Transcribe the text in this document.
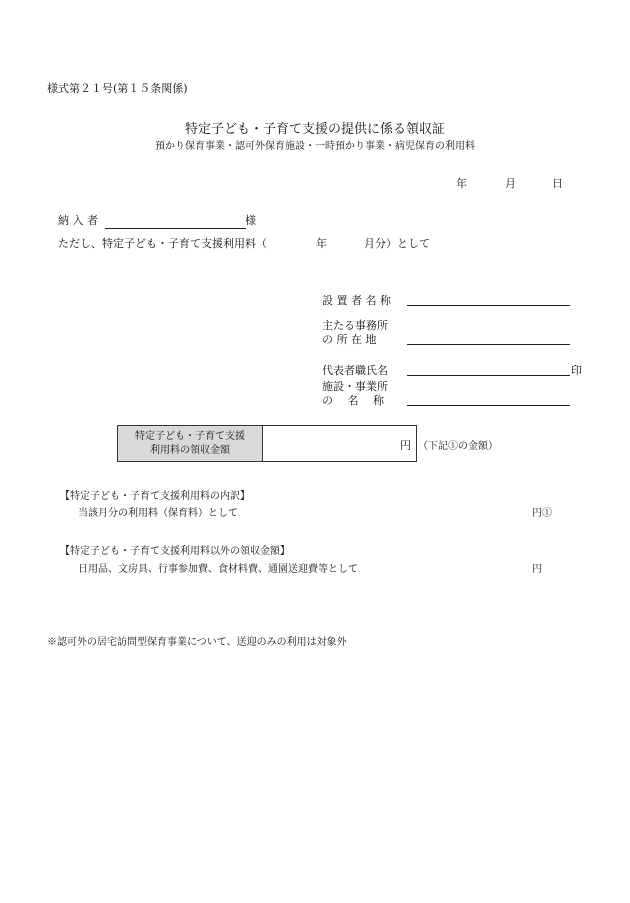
様式第２１号(第１５条関係)
特定子ども・子育て支援の提供に係る領収証
預かり保育事業・認可外保育施設・一時預かり事業・病児保育の利用料
年	月	日
納 入 者	様
ただし、特定子ども・子育て支援利用料（	年	月分）として
設 置 者 名 称
主たる事務所
の 所 在 地
代表者職氏名	印
施設・事業所
の　 名 　称
特定子ども・子育て支援
利用料の領収金額	円 （下記①の金額）
【特定子ども・子育て支援利用料の内訳】
当該月分の利用料（保育料）として	円①
【特定子ども・子育て支援利用料以外の領収金額】
日用品、文房具、行事参加費、食材料費、通園送迎費等として	円
※認可外の居宅訪問型保育事業について、送迎のみの利用は対象外
